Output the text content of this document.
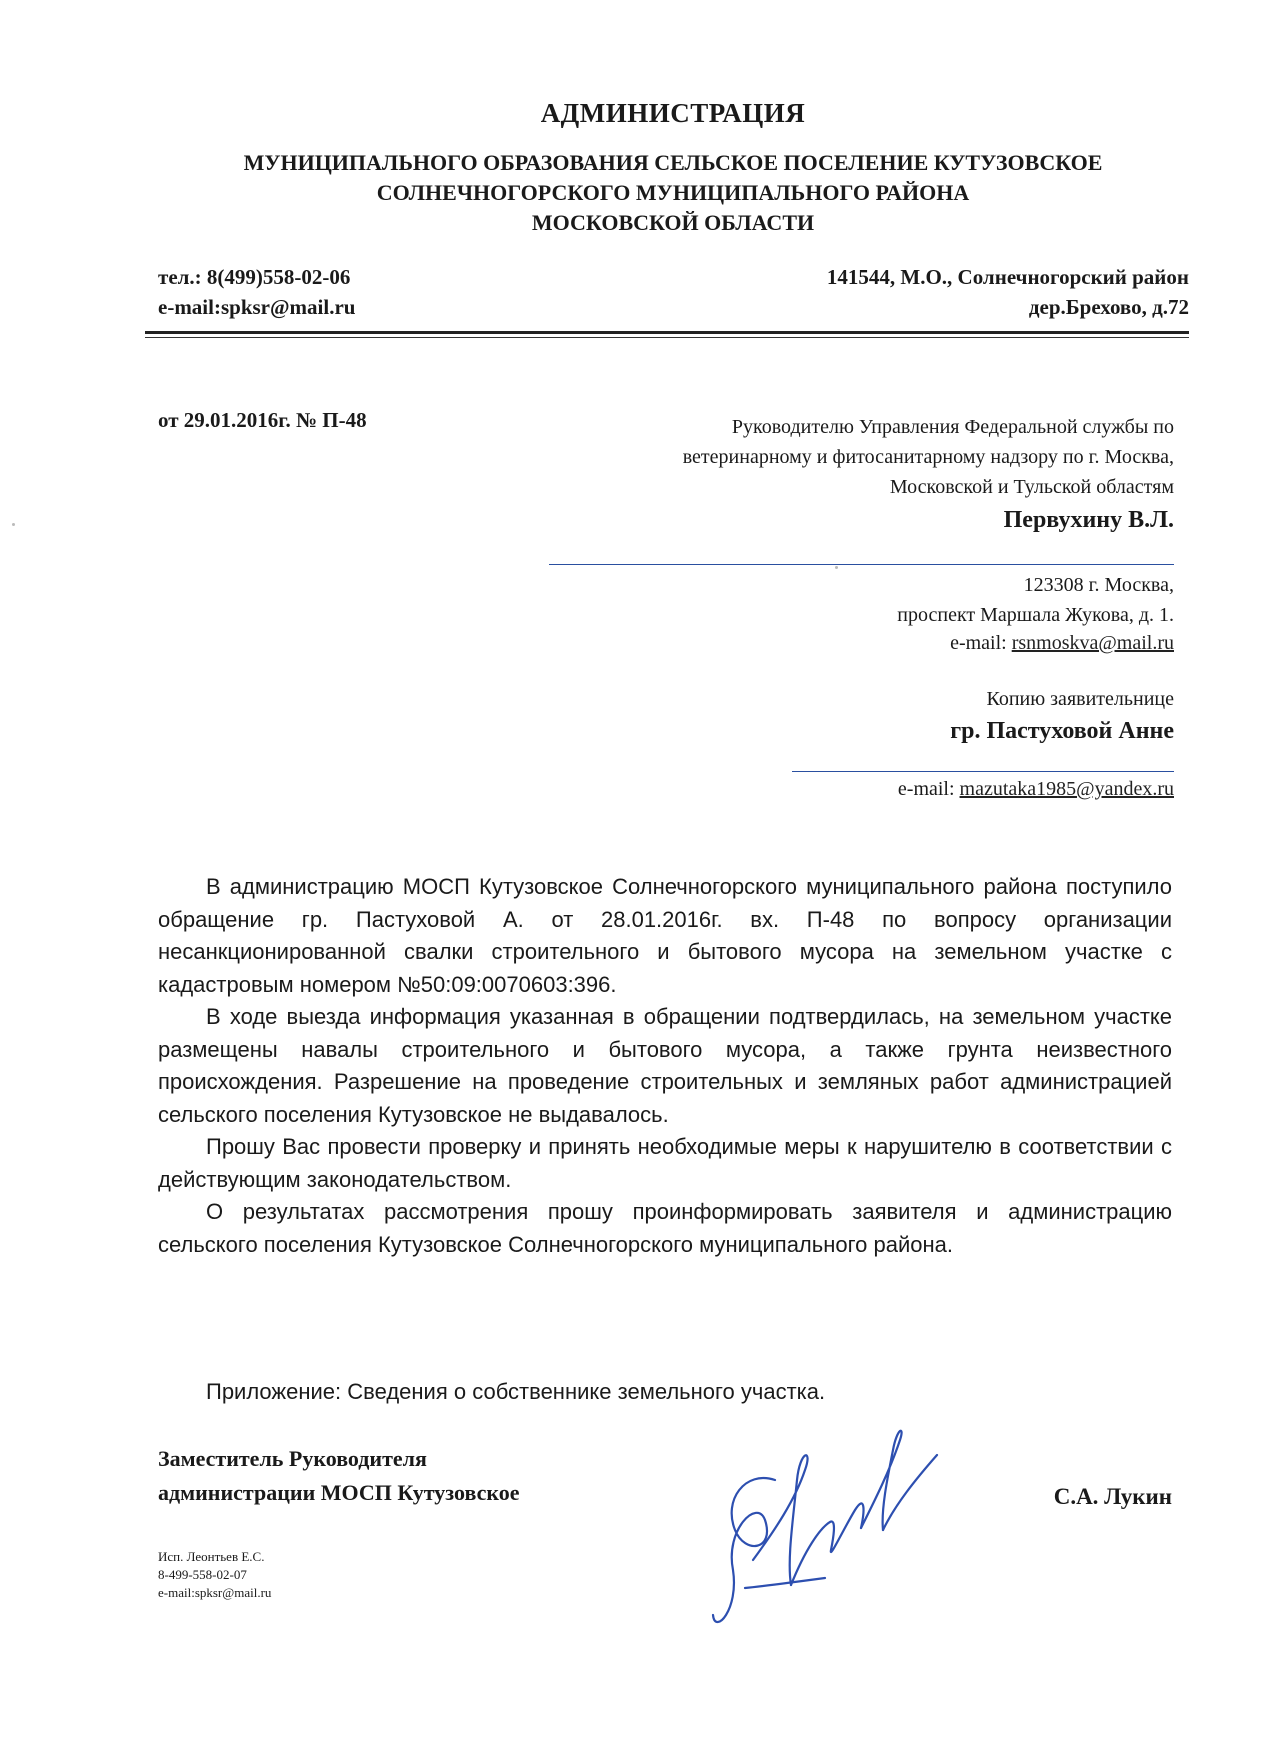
АДМИНИСТРАЦИЯ
МУНИЦИПАЛЬНОГО ОБРАЗОВАНИЯ СЕЛЬСКОЕ ПОСЕЛЕНИЕ КУТУЗОВСКОЕ
СОЛНЕЧНОГОРСКОГО МУНИЦИПАЛЬНОГО РАЙОНА
МОСКОВСКОЙ ОБЛАСТИ
тел.: 8(499)558-02-06
e-mail:spksr@mail.ru
141544, М.О., Солнечногорский район
дер.Брехово, д.72
от 29.01.2016г. № П-48	Руководителю Управления Федеральной службы по
ветеринарному и фитосанитарному надзору по г. Москва,
Московской и Тульской областям
Первухину В.Л.
123308 г. Москва,
проспект Маршала Жукова, д. 1.
e-mail: rsnmoskva@mail.ru
Копию заявительнице
гр. Пастуховой Анне
e-mail: mazutaka1985@yandex.ru

В администрацию МОСП Кутузовское Солнечногорского муниципального района поступило обращение гр. Пастуховой А. от 28.01.2016г. вх. П-48 по вопросу организации несанкционированной свалки строительного и бытового мусора на земельном участке с кадастровым номером №50:09:0070603:396.

В ходе выезда информация указанная в обращении подтвердилась, на земельном участке размещены навалы строительного и бытового мусора, а также грунта неизвестного происхождения. Разрешение на проведение строительных и земляных работ администрацией сельского поселения Кутузовское не выдавалось.

Прошу Вас провести проверку и принять необходимые меры к нарушителю в соответствии с действующим законодательством.

О результатах рассмотрения прошу проинформировать заявителя и администрацию сельского поселения Кутузовское Солнечногорского муниципального района.

Приложение: Сведения о собственнике земельного участка.

Заместитель Руководителя
администрации МОСП Кутузовское	С.А. Лукин
Исп. Леонтьев Е.С.
8-499-558-02-07
e-mail:spksr@mail.ru
